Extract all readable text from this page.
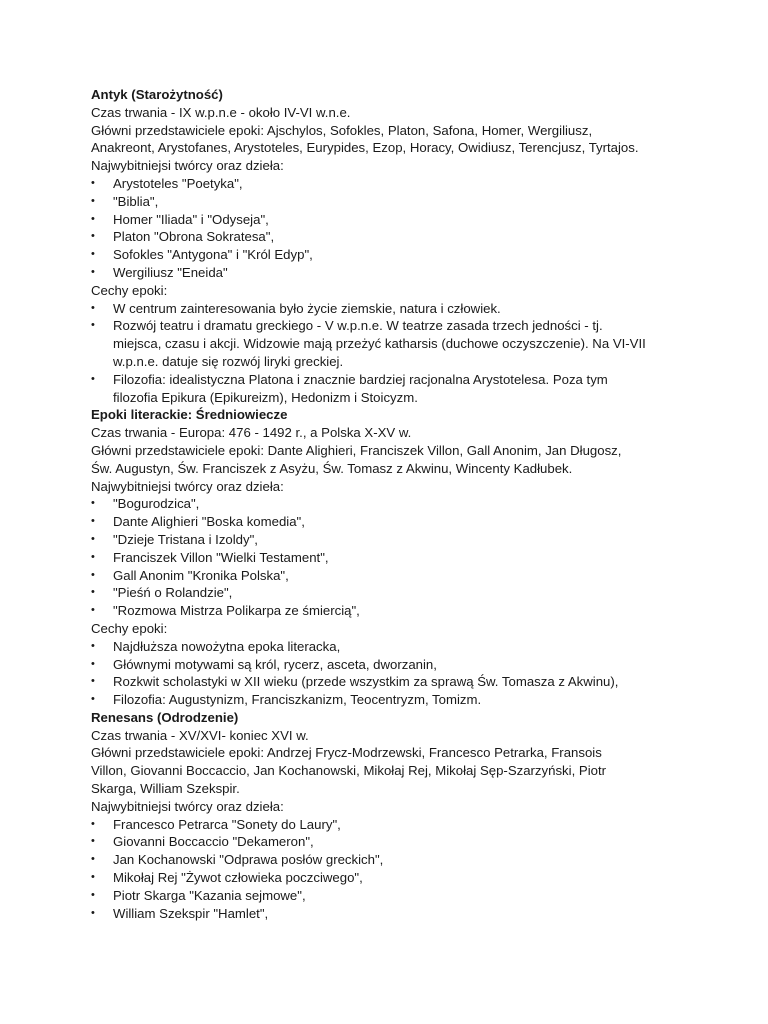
Antyk (Starożytność)
Czas trwania - IX w.p.n.e - około IV-VI w.n.e.
Główni przedstawiciele epoki: Ajschylos, Sofokles, Platon, Safona, Homer, Wergiliusz,
Anakreont, Arystofanes, Arystoteles, Eurypides, Ezop, Horacy, Owidiusz, Terencjusz, Tyrtajos.
Najwybitniejsi twórcy oraz dzieła:
•	Arystoteles "Poetyka",
•	"Biblia",
•	Homer "Iliada" i "Odyseja",
•	Platon "Obrona Sokratesa",
•	Sofokles "Antygona" i "Król Edyp",
•	Wergiliusz "Eneida"
Cechy epoki:
•	W centrum zainteresowania było życie ziemskie, natura i człowiek.
•	Rozwój teatru i dramatu greckiego - V w.p.n.e. W teatrze zasada trzech jedności - tj.
miejsca, czasu i akcji. Widzowie mają przeżyć katharsis (duchowe oczyszczenie). Na VI-VII
w.p.n.e. datuje się rozwój liryki greckiej.
•	Filozofia: idealistyczna Platona i znacznie bardziej racjonalna Arystotelesa. Poza tym
filozofia Epikura (Epikureizm), Hedonizm i Stoicyzm.
Epoki literackie: Średniowiecze
Czas trwania - Europa: 476 - 1492 r., a Polska X-XV w.
Główni przedstawiciele epoki: Dante Alighieri, Franciszek Villon, Gall Anonim, Jan Długosz,
Św. Augustyn, Św. Franciszek z Asyżu, Św. Tomasz z Akwinu, Wincenty Kadłubek.
Najwybitniejsi twórcy oraz dzieła:
•	"Bogurodzica",
•	Dante Alighieri "Boska komedia",
•	"Dzieje Tristana i Izoldy",
•	Franciszek Villon "Wielki Testament",
•	Gall Anonim "Kronika Polska",
•	"Pieśń o Rolandzie",
•	"Rozmowa Mistrza Polikarpa ze śmiercią",
Cechy epoki:
•	Najdłuższa nowożytna epoka literacka,
•	Głównymi motywami są król, rycerz, asceta, dworzanin,
•	Rozkwit scholastyki w XII wieku (przede wszystkim za sprawą Św. Tomasza z Akwinu),
•	Filozofia: Augustynizm, Franciszkanizm, Teocentryzm, Tomizm.
Renesans (Odrodzenie)
Czas trwania - XV/XVI- koniec XVI w.
Główni przedstawiciele epoki: Andrzej Frycz-Modrzewski, Francesco Petrarka, Fransois
Villon, Giovanni Boccaccio, Jan Kochanowski, Mikołaj Rej, Mikołaj Sęp-Szarzyński, Piotr
Skarga, William Szekspir.
Najwybitniejsi twórcy oraz dzieła:
•	Francesco Petrarca "Sonety do Laury",
•	Giovanni Boccaccio "Dekameron",
•	Jan Kochanowski "Odprawa posłów greckich",
•	Mikołaj Rej "Żywot człowieka poczciwego",
•	Piotr Skarga "Kazania sejmowe",
•	William Szekspir "Hamlet",
